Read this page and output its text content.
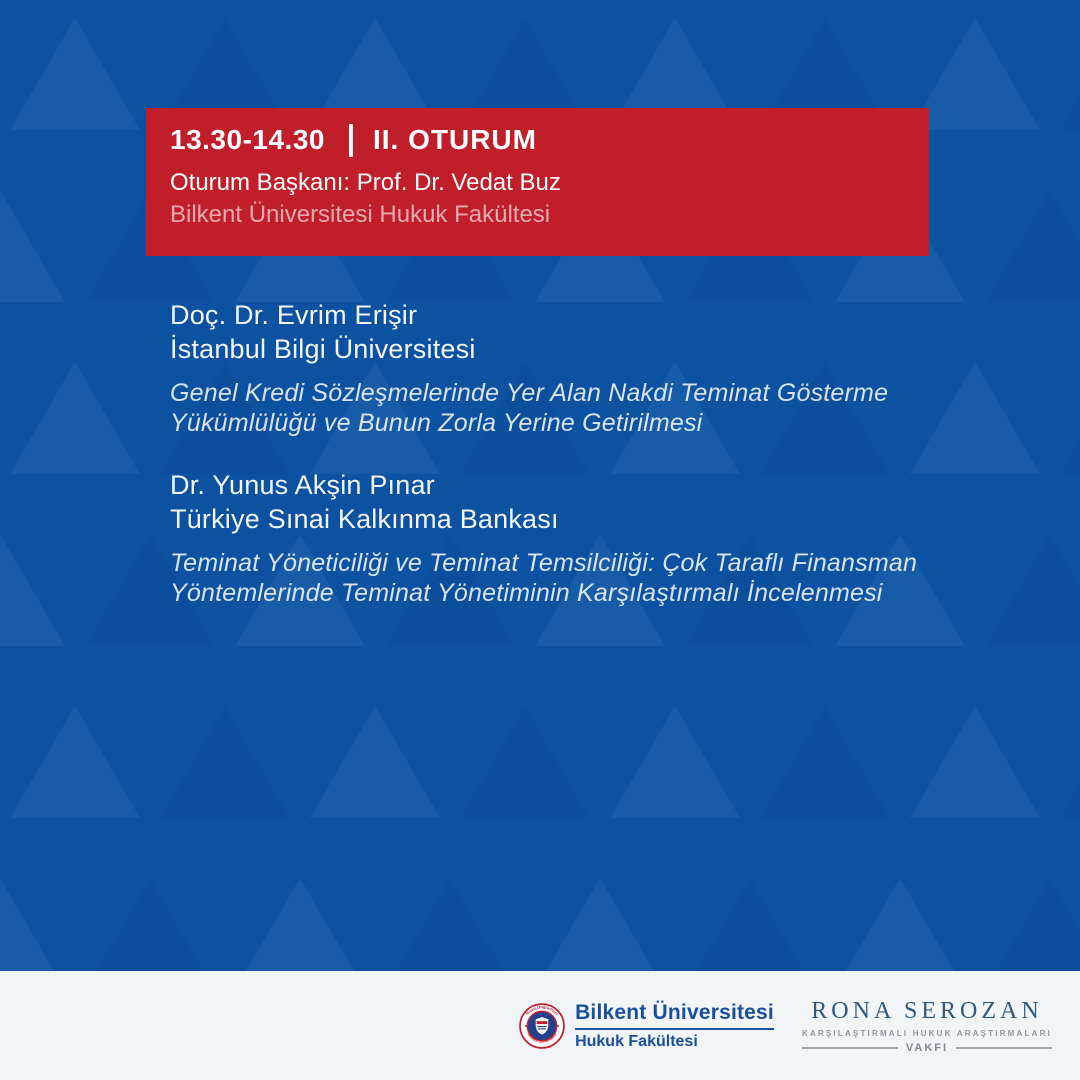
13.30-14.30 II. OTURUM
Oturum Başkanı: Prof. Dr. Vedat Buz
Bilkent Üniversitesi Hukuk Fakültesi
Doç. Dr. Evrim Erişir
İstanbul Bilgi Üniversitesi
Genel Kredi Sözleşmelerinde Yer Alan Nakdi Teminat Gösterme Yükümlülüğü ve Bunun Zorla Yerine Getirilmesi
Dr. Yunus Akşin Pınar
Türkiye Sınai Kalkınma Bankası
Teminat Yöneticiliği ve Teminat Temsilciliği: Çok Taraflı Finansman Yöntemlerinde Teminat Yönetiminin Karşılaştırmalı İncelenmesi
İhsan Doğramacı
Bilkent Üniversitesi
Bilkent Üniversitesi
Hukuk Fakültesi
RONA SEROZAN
KARŞILAŞTIRMALI HUKUK ARAŞTIRMALARI
VAKFI
